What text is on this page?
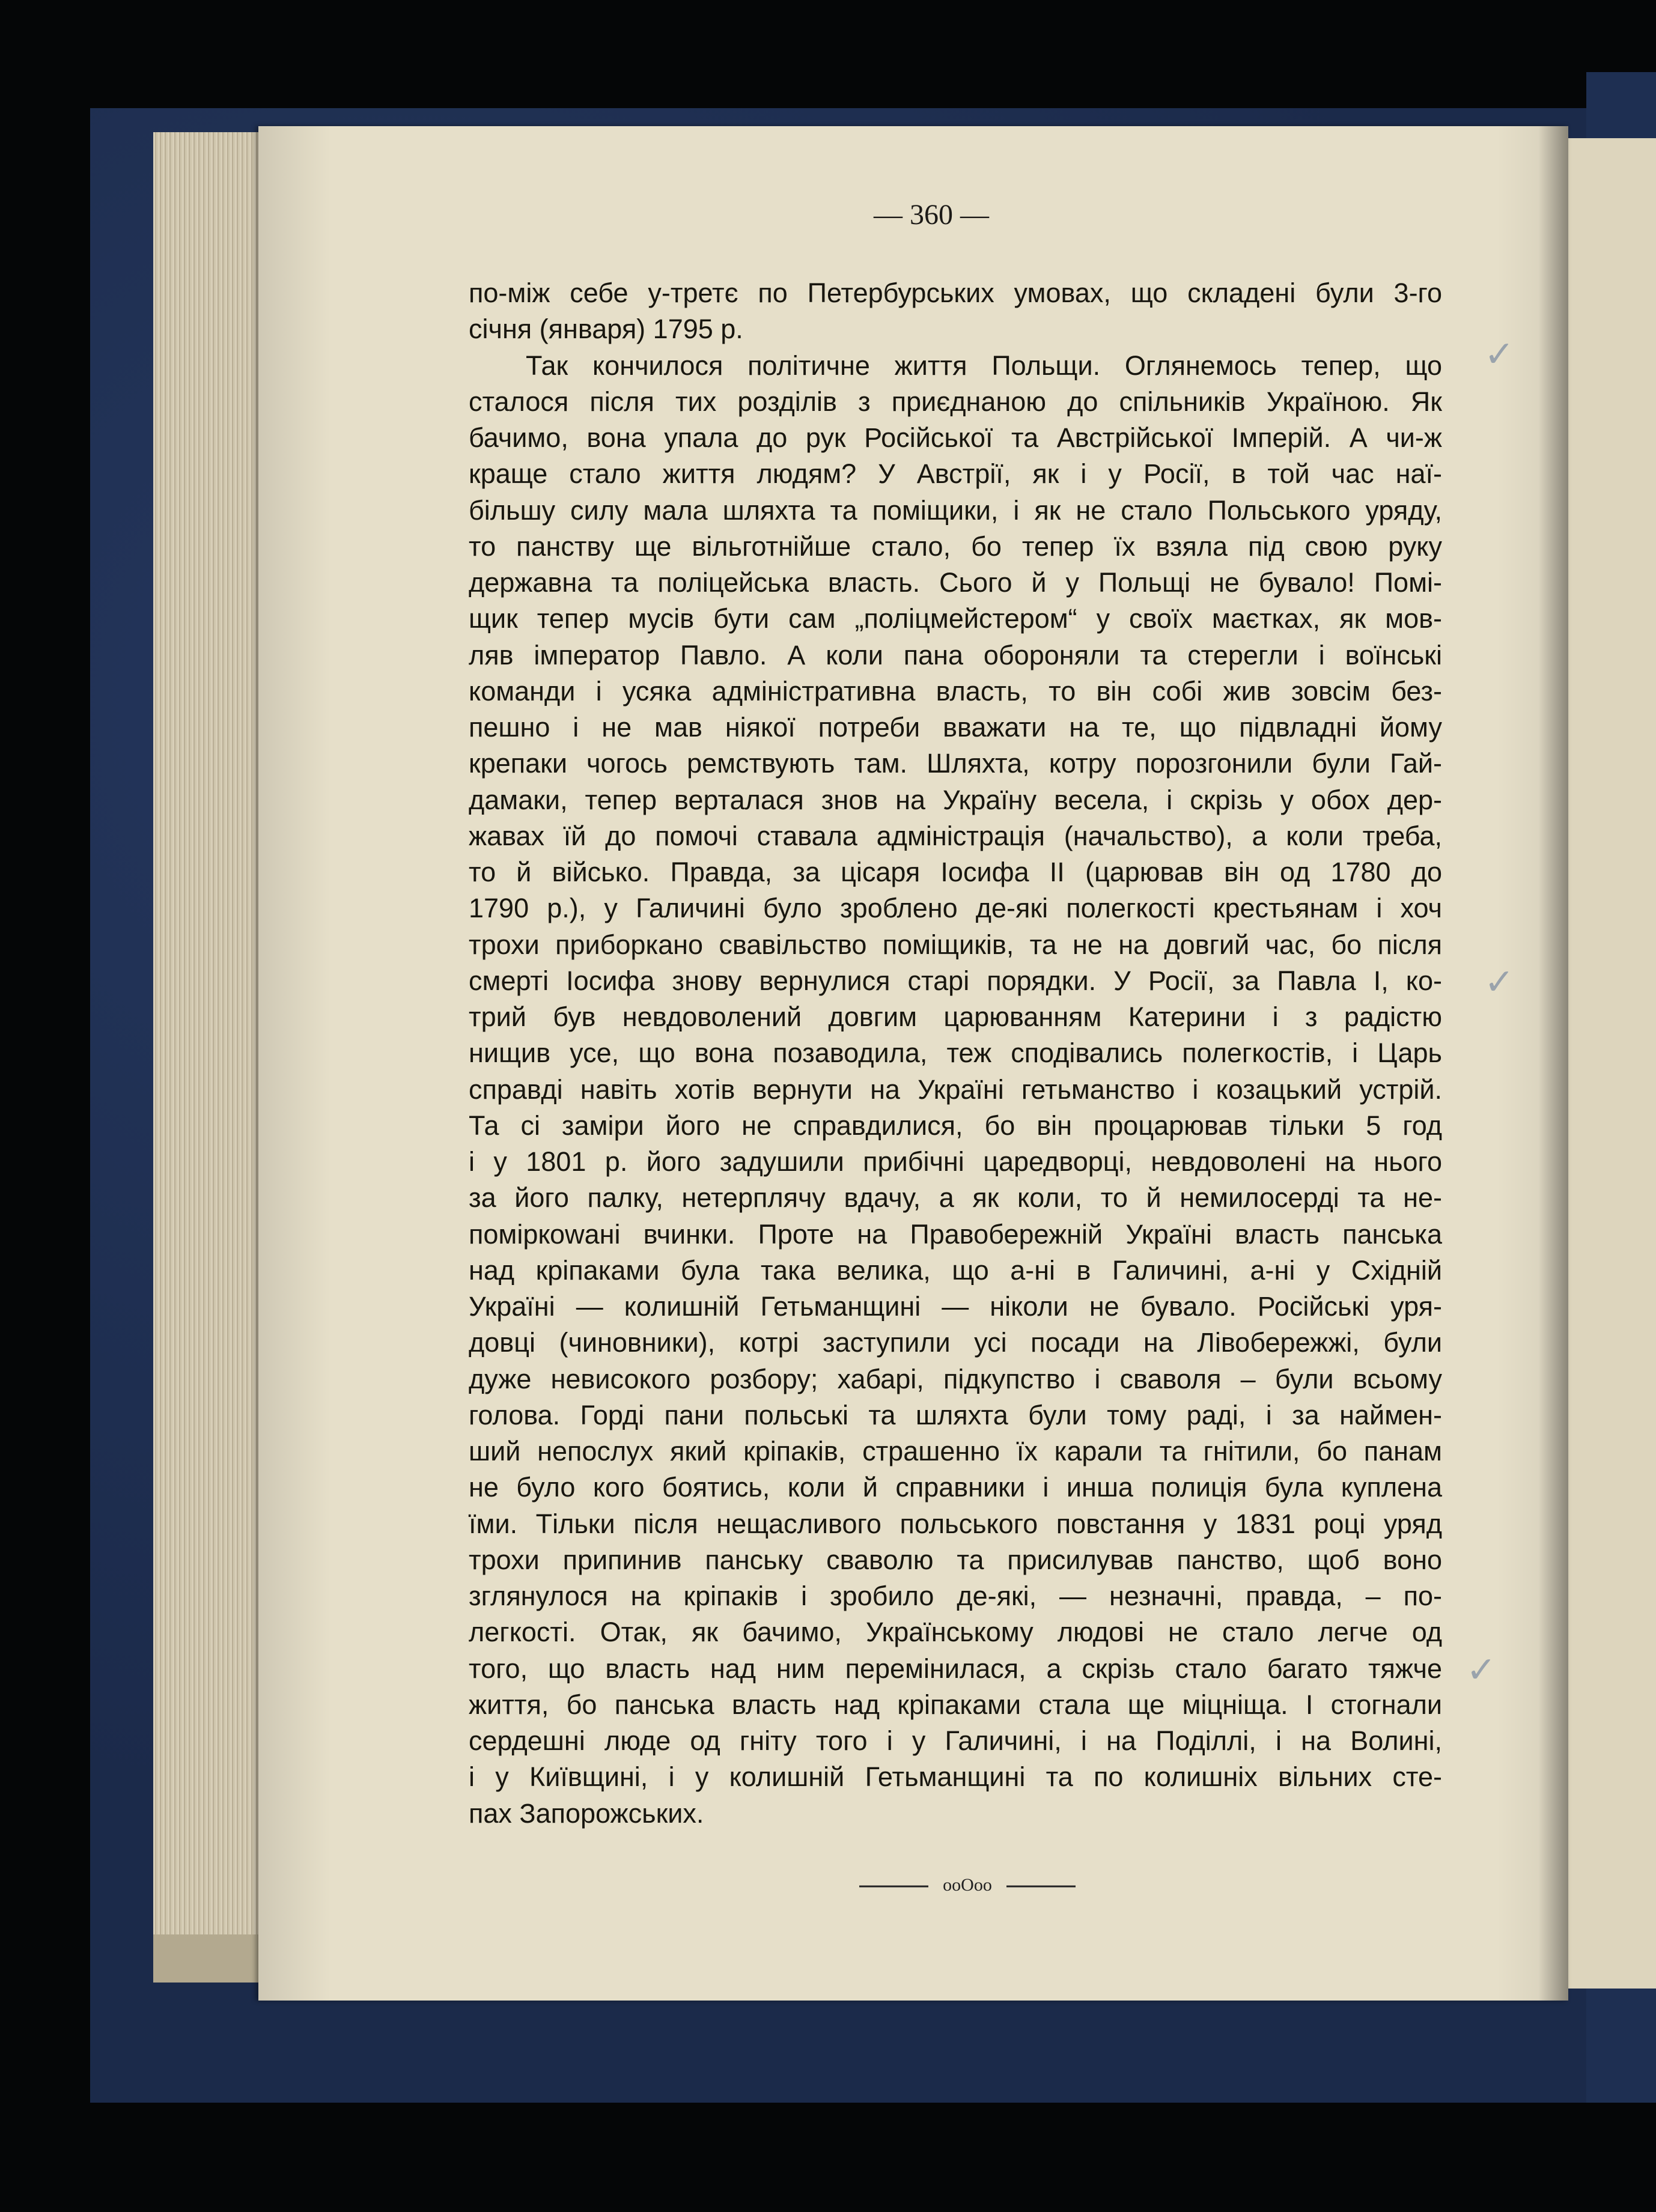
— 360 —

по-між себе у-третє по Петербурських умовах, що складені були 3-го

січня (января) 1795 р.

Так кончилося політичне життя Польщи. Оглянемось тепер, що

сталося після тих розділів з приєднаною до спільників Україною. Як

бачимо, вона упала до рук Російської та Австрійської Імперій. А чи-ж

краще стало життя людям? У Австрії, як і у Росії, в той час наї-

більшу силу мала шляхта та поміщики, і як не стало Польського уряду,

то панству ще вільготнійше стало, бо тепер їх взяла під свою руку

державна та поліцейська власть. Сього й у Польщі не бувало! Помі-

щик тепер мусів бути сам „поліцмейстером“ у своїх маєтках, як мов-

ляв імператор Павло. А коли пана обороняли та стерегли і воїнські

команди і усяка адміністративна власть, то він собі жив зовсім без-

пешно і не мав ніякої потреби вважати на те, що підвладні йому

крепаки чогось ремствують там. Шляхта, котру порозгонили були Гай-

дамаки, тепер верталася знов на Україну весела, і скрізь у обох дер-

жавах їй до помочі ставала адміністрація (начальство), а коли треба,

то й військо. Правда, за цісаря Іосифа II (царював він од 1780 до

1790 р.), у Галичині було зроблено де-які полегкості крестьянам і хоч

трохи приборкано свавільство поміщиків, та не на довгий час, бо після

смерті Іосифа знову вернулися старі порядки. У Росії, за Павла І, ко-

трий був невдоволений довгим царюванням Катерини і з радістю

нищив усе, що вона позаводила, теж сподівались полегкостів, і Царь

справді навіть хотів вернути на Україні гетьманство і козацький устрій.

Та сі заміри його не справдилися, бо він процарював тільки 5 год

і у 1801 р. його задушили прибічні царедворці, невдоволені на нього

за його палку, нетерплячу вдачу, а як коли, то й немилосерді та не-

поміркowані вчинки. Проте на Правобережній Україні власть панська

над кріпаками була така велика, що а-ні в Галичині, а-ні у Східній

Україні — колишній Гетьманщині — ніколи не бувало. Російські уря-

довці (чиновники), котрі заступили усі посади на Лівобережжі, були

дуже невисокого розбору; хабарі, підкупство і сваволя – були всьому

голова. Горді пани польські та шляхта були тому раді, і за наймен-

ший непослух який кріпаків, страшенно їх карали та гнітили, бо панам

не було кого боятись, коли й справники і инша полиція була куплена

їми. Тільки після нещасливого польського повстання у 1831 році уряд

трохи припинив панську сваволю та присилував панство, щоб воно

зглянулося на кріпаків і зробило де-які, — незначні, правда, – по-

легкості. Отак, як бачимо, Українському людові не стало легче од

того, що власть над ним перемінилася, а скрізь стало багато тяжче

життя, бо панська власть над кріпаками стала ще міцніща. І стогнали

сердешні люде од гніту того і у Галичині, і на Поділлі, і на Волині,

і у Київщині, і у колишній Гетьманщині та по колишніх вільних сте-

пах Запорожських.

ooOoo
✓
✓
✓
